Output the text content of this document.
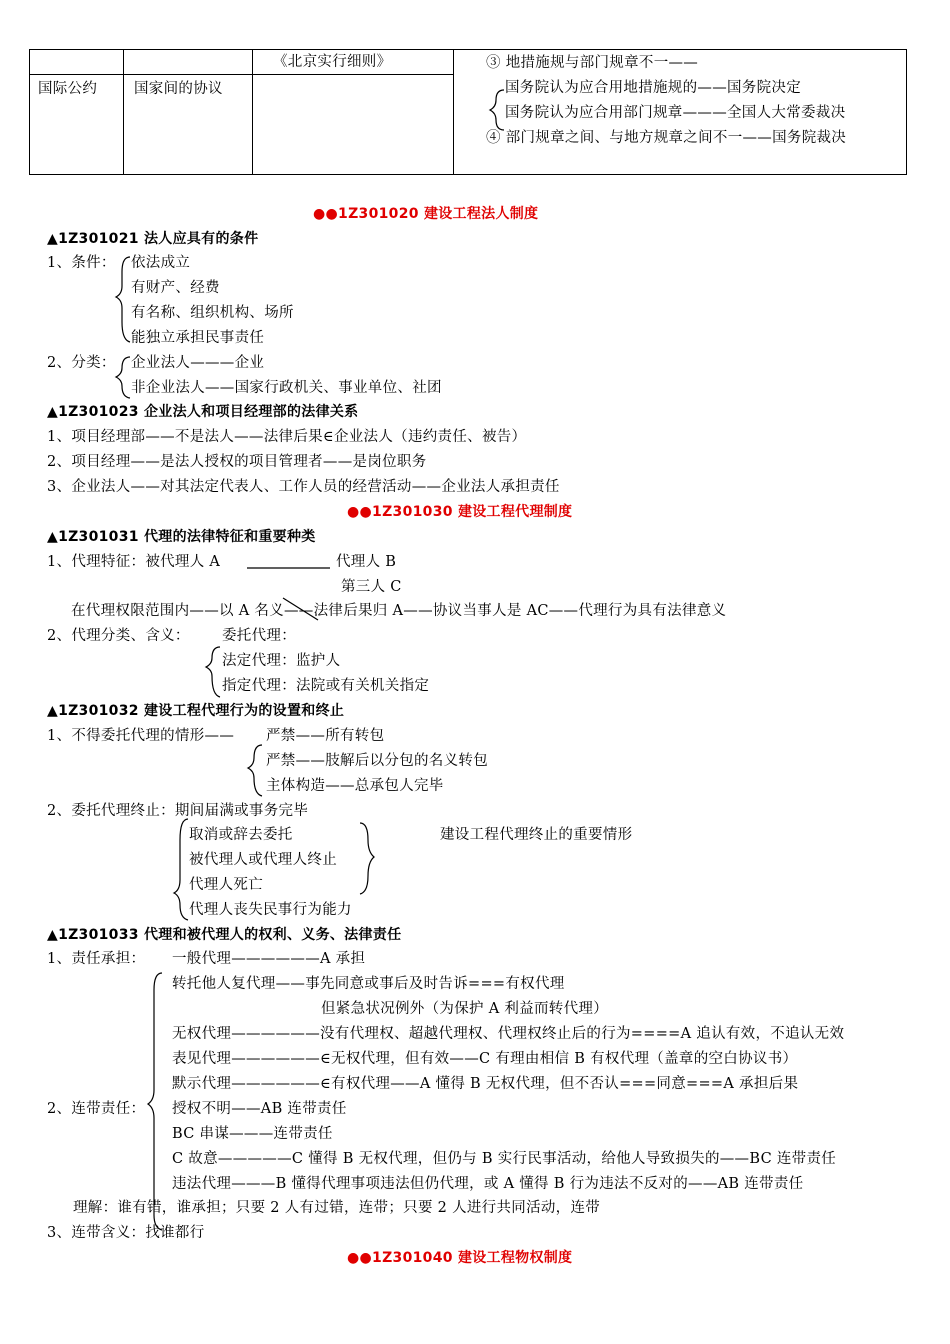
		《北京实行细则》	

国际公约	国家间的协议		

③ 地措施规与部门规章不一——
国务院认为应合用地措施规的——国务院决定
国务院认为应合用部门规章———全国人大常委裁决
④ 部门规章之间、与地方规章之间不一——国务院裁决
●●1Z301020 建设工程法人制度
▲1Z301021 法人应具有的条件
1、条件： 依法成立
有财产、经费
有名称、组织机构、场所
能独立承担民事责任
2、分类： 企业法人———企业
非企业法人——国家行政机关、事业单位、社团
▲1Z301023 企业法人和项目经理部的法律关系
1、项目经理部——不是法人——法律后果∈企业法人（违约责任、被告）
2、项目经理——是法人授权的项目管理者——是岗位职务
3、企业法人——对其法定代表人、工作人员的经营活动——企业法人承担责任
●●1Z301030 建设工程代理制度
▲1Z301031 代理的法律特征和重要种类
1、代理特征：被代理人 A	代理人 B
第三人 C
在代理权限范围内——以 A 名义——法律后果归 A——协议当事人是 AC——代理行为具有法律意义
2、代理分类、含义： 委托代理：
法定代理：监护人
指定代理：法院或有关机关指定
▲1Z301032 建设工程代理行为的设置和终止
1、不得委托代理的情形—— 严禁——所有转包
严禁——肢解后以分包的名义转包
主体构造——总承包人完毕
2、委托代理终止：期间届满或事务完毕
取消或辞去委托
被代理人或代理人终止
代理人死亡
代理人丧失民事行为能力
建设工程代理终止的重要情形
▲1Z301033 代理和被代理人的权利、义务、法律责任
1、责任承担： 一般代理——————A 承担
转托他人复代理——事先同意或事后及时告诉===有权代理
但紧急状况例外（为保护 A 利益而转代理）
无权代理——————没有代理权、超越代理权、代理权终止后的行为====A 追认有效，不追认无效
表见代理——————∈无权代理，但有效——C 有理由相信 B 有权代理（盖章的空白协议书）
默示代理——————∈有权代理——A 懂得 B 无权代理，但不否认===同意===A 承担后果
2、连带责任： 授权不明——AB 连带责任
BC 串谋———连带责任
C 故意—————C 懂得 B 无权代理，但仍与 B 实行民事活动，给他人导致损失的——BC 连带责任
违法代理———B 懂得代理事项违法但仍代理，或 A 懂得 B 行为违法不反对的——AB 连带责任
理解：谁有错，谁承担；只要 2 人有过错，连带；只要 2 人进行共同活动，连带
3、连带含义：找谁都行
●●1Z301040 建设工程物权制度
